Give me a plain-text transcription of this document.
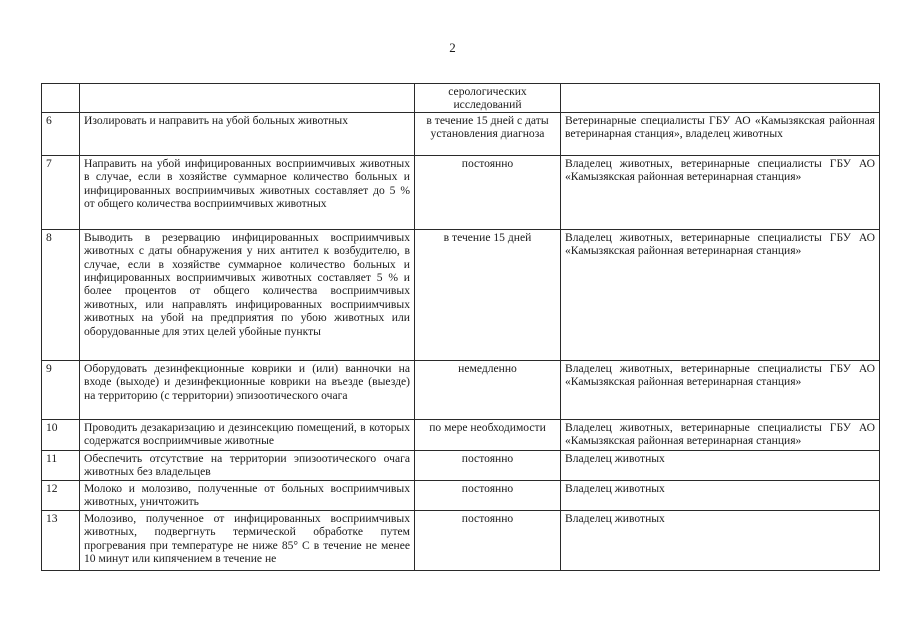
2
		серологических исследований	
6	Изолировать и направить на убой больных животных	в течение 15 дней с даты установления диагноза	Ветеринарные специалисты ГБУ АО «Камызякская районная ветеринарная станция», владелец животных
7	Направить на убой инфицированных восприимчивых животных в случае, если в хозяйстве суммарное количество больных и инфицированных восприимчивых животных составляет до 5 % от общего количества восприимчивых животных	постоянно	Владелец животных, ветеринарные специалисты ГБУ АО «Камызякская районная ветеринарная станция»
8	Выводить в резервацию инфицированных восприимчивых животных с даты обнаружения у них антител к возбудителю, в случае, если в хозяйстве суммарное количество больных и инфицированных восприимчивых животных составляет 5 % и более процентов от общего количества восприимчивых животных, или направлять инфицированных восприимчивых животных на убой на предприятия по убою животных или оборудованные для этих целей убойные пункты	в течение 15 дней	Владелец животных, ветеринарные специалисты ГБУ АО «Камызякская районная ветеринарная станция»
9	Оборудовать дезинфекционные коврики и (или) ванночки на входе (выходе) и дезинфекционные коврики на въезде (выезде) на территорию (с территории) эпизоотического очага	немедленно	Владелец животных, ветеринарные специалисты ГБУ АО «Камызякская районная ветеринарная станция»
10	Проводить дезакаризацию и дезинсекцию помещений, в которых содержатся восприимчивые животные	по мере необходимости	Владелец животных, ветеринарные специалисты ГБУ АО «Камызякская районная ветеринарная станция»
11	Обеспечить отсутствие на территории эпизоотического очага животных без владельцев	постоянно	Владелец животных
12	Молоко и молозиво, полученные от больных восприимчивых животных, уничтожить	постоянно	Владелец животных
13	Молозиво, полученное от инфицированных восприимчивых животных, подвергнуть термической обработке путем прогревания при температуре не ниже 85° С в течение не менее 10 минут или кипячением в течение не	постоянно	Владелец животных
